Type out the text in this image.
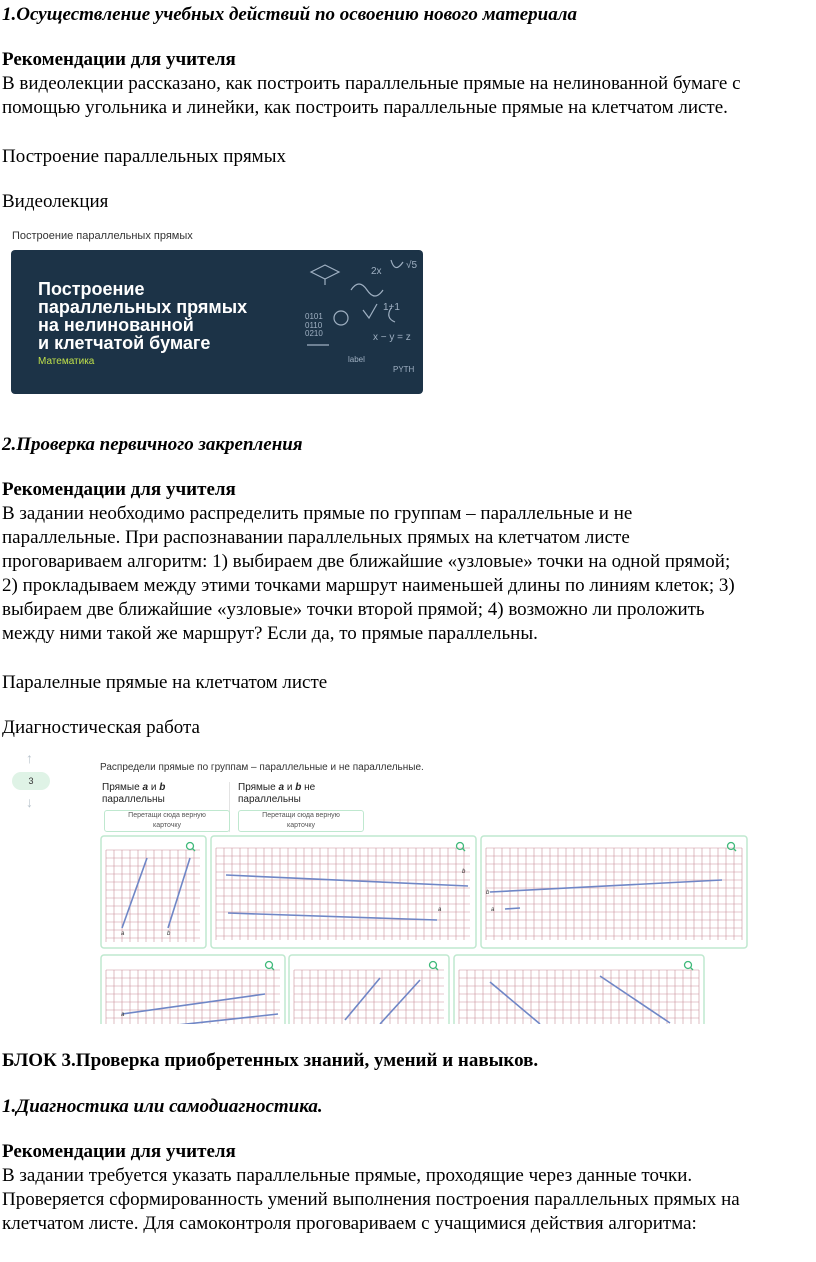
1.Осуществление учебных действий по освоению нового материала
Рекомендации для учителя
В видеолекции рассказано, как построить параллельные прямые на нелинованной бумаге с
помощью угольника и линейки, как построить параллельные прямые на клетчатом листе.
Построение параллельных прямых
Видеолекция
Построение параллельных прямых
Построение
параллельных прямых
на нелинованной
и клетчатой бумаге
Математика
√5
2x
x − y = z
1+1
0110
0101
0210
label
PYTH
2.Проверка первичного закрепления
Рекомендации для учителя
В задании необходимо распределить прямые по группам – параллельные и не
параллельные. При распознавании параллельных прямых на клетчатом листе
проговариваем алгоритм: 1) выбираем две ближайшие «узловые» точки на одной прямой;
2) прокладываем между этими точками маршрут наименьшей длины по линиям клеток; 3)
выбираем две ближайшие «узловые» точки второй прямой; 4) возможно ли проложить
между ними такой же маршрут? Если да, то прямые параллельны.
Паралелные прямые на клетчатом листе
Диагностическая работа
↑
3
↓
Распредели прямые по группам – параллельные и не параллельные.
Прямые a и b
параллельны
Прямые a и b не
параллельны
Перетащи сюда верную
карточку
Перетащи сюда верную
карточку
a	b
b
a
b
a
a
БЛОК 3.Проверка приобретенных знаний, умений и навыков.
1.Диагностика или самодиагностика.
Рекомендации для учителя
В задании требуется указать параллельные прямые, проходящие через данные точки.
Проверяется сформированность умений выполнения построения параллельных прямых на
клетчатом листе. Для самоконтроля проговариваем с учащимися действия алгоритма:
